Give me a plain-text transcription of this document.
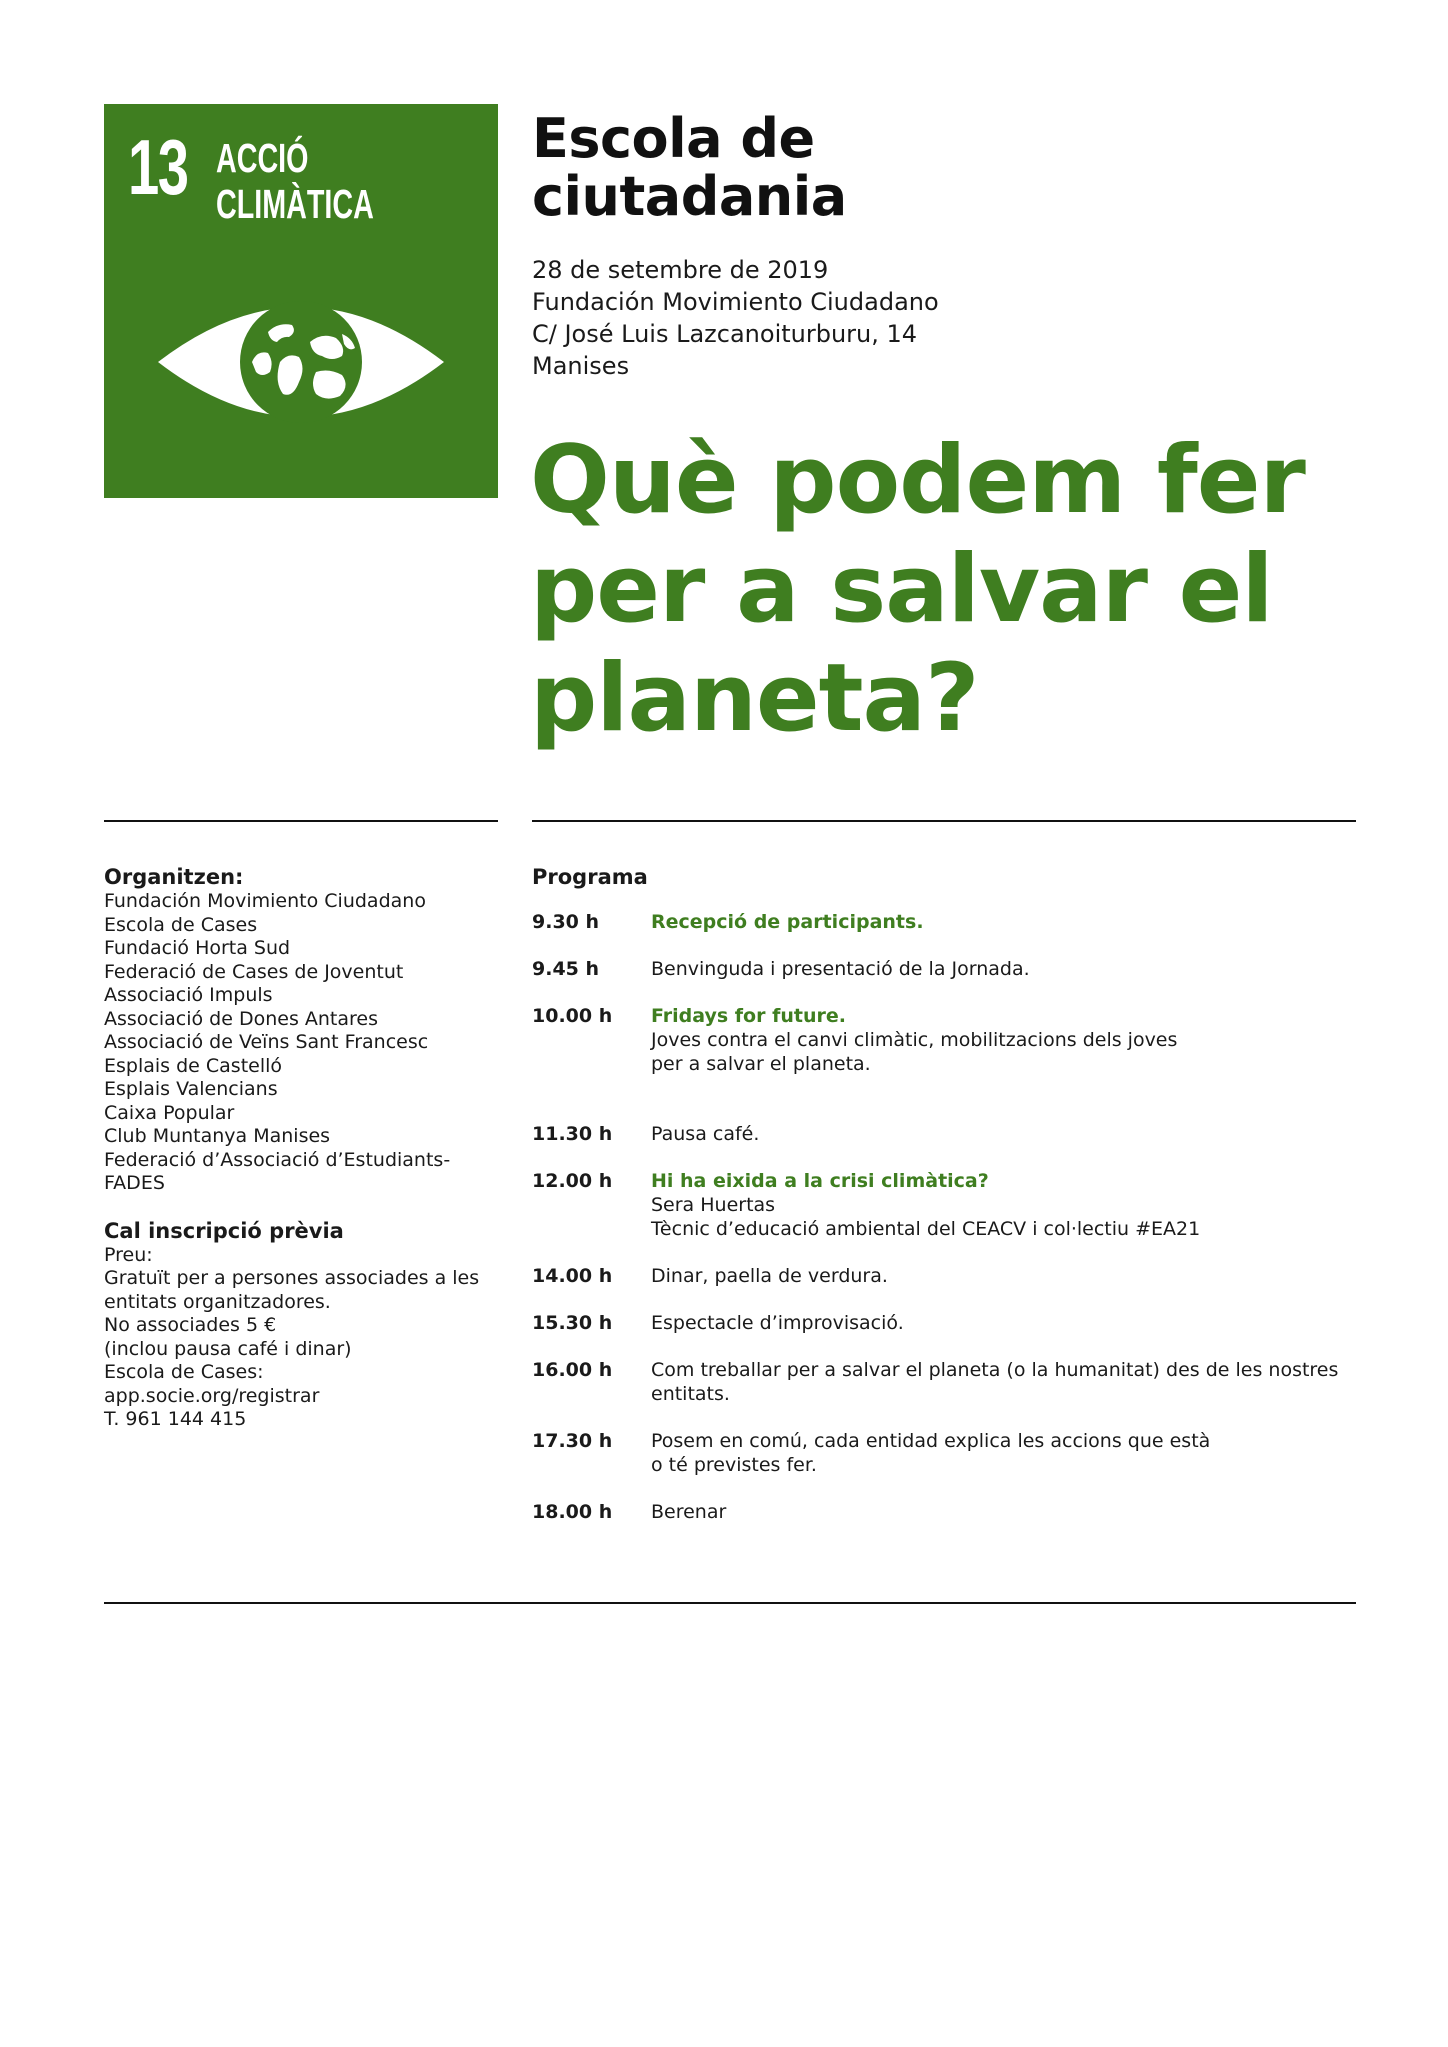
13 ACCIÓ
CLIMÀTICA
Escola de
ciutadania
28 de setembre de 2019
Fundación Movimiento Ciudadano
C/ José Luis Lazcanoiturburu, 14
Manises
Què podem fer per a salvar el planeta?
Organitzen:
Fundación Movimiento Ciudadano
Escola de Cases
Fundació Horta Sud
Federació de Cases de Joventut
Associació Impuls
Associació de Dones Antares
Associació de Veïns Sant Francesc
Esplais de Castelló
Esplais Valencians
Caixa Popular
Club Muntanya Manises
Federació d’Associació d’Estudiants-
FADES
Cal inscripció prèvia
Preu:
Gratuït per a persones associades a les entitats organitzadores.
No associades 5 €
(inclou pausa café i dinar)
Escola de Cases:
app.socie.org/registrar
T. 961 144 415
Programa
9.30 h	Recepció de participants.
9.45 h	Benvinguda i presentació de la Jornada.
10.00 h	Fridays for future.
Joves contra el canvi climàtic, mobilitzacions dels joves
per a salvar el planeta.
11.30 h	Pausa café.
12.00 h	Hi ha eixida a la crisi climàtica?
Sera Huertas
Tècnic d’educació ambiental del CEACV i col·lectiu #EA21
14.00 h	Dinar, paella de verdura.
15.30 h	Espectacle d’improvisació.
16.00 h	Com treballar per a salvar el planeta (o la humanitat) des de les nostres entitats.
17.30 h	Posem en comú, cada entidad explica les accions que està
o té previstes fer.
18.00 h	Berenar
